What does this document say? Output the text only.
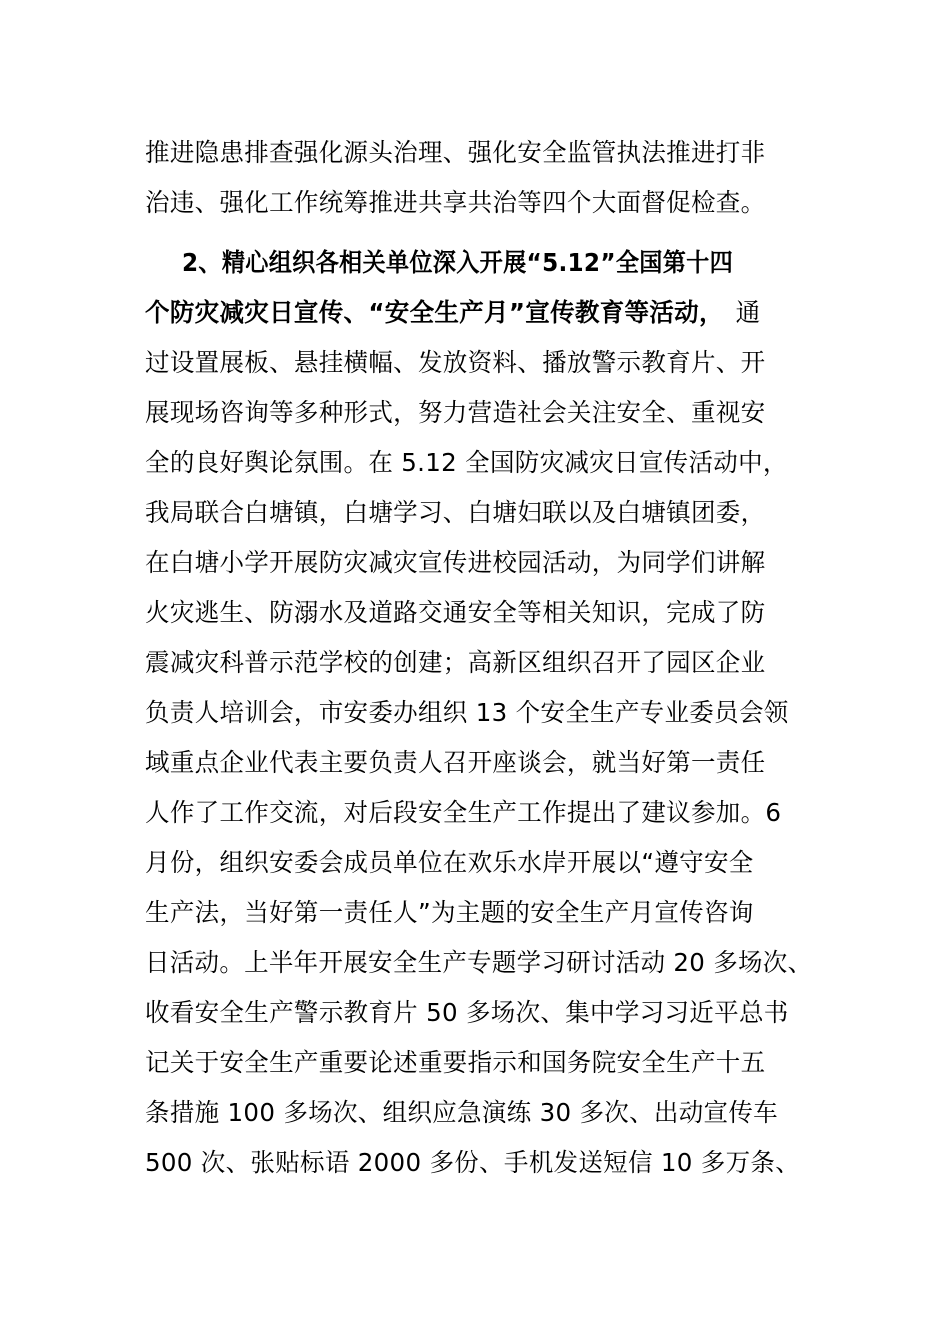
推进隐患排查强化源头治理、强化安全监管执法推进打非
治违、强化工作统筹推进共享共治等四个大面督促检查。
2、精心组织各相关单位深入开展“5.12”全国第十四
个防灾减灾日宣传、“安全生产月”宣传教育等活动， 通
过设置展板、悬挂横幅、发放资料、播放警示教育片、开
展现场咨询等多种形式，努力营造社会关注安全、重视安
全的良好舆论氛围。在 5.12 全国防灾减灾日宣传活动中，
我局联合白塘镇，白塘学习、白塘妇联以及白塘镇团委，
在白塘小学开展防灾减灾宣传进校园活动，为同学们讲解
火灾逃生、防溺水及道路交通安全等相关知识，完成了防
震减灾科普示范学校的创建；高新区组织召开了园区企业
负责人培训会，市安委办组织 13 个安全生产专业委员会领
域重点企业代表主要负责人召开座谈会，就当好第一责任
人作了工作交流，对后段安全生产工作提出了建议参加。6
月份，组织安委会成员单位在欢乐水岸开展以“遵守安全
生产法，当好第一责任人”为主题的安全生产月宣传咨询
日活动。上半年开展安全生产专题学习研讨活动 20 多场次、
收看安全生产警示教育片 50 多场次、集中学习习近平总书
记关于安全生产重要论述重要指示和国务院安全生产十五
条措施 100 多场次、组织应急演练 30 多次、出动宣传车
500 次、张贴标语 2000 多份、手机发送短信 10 多万条、
